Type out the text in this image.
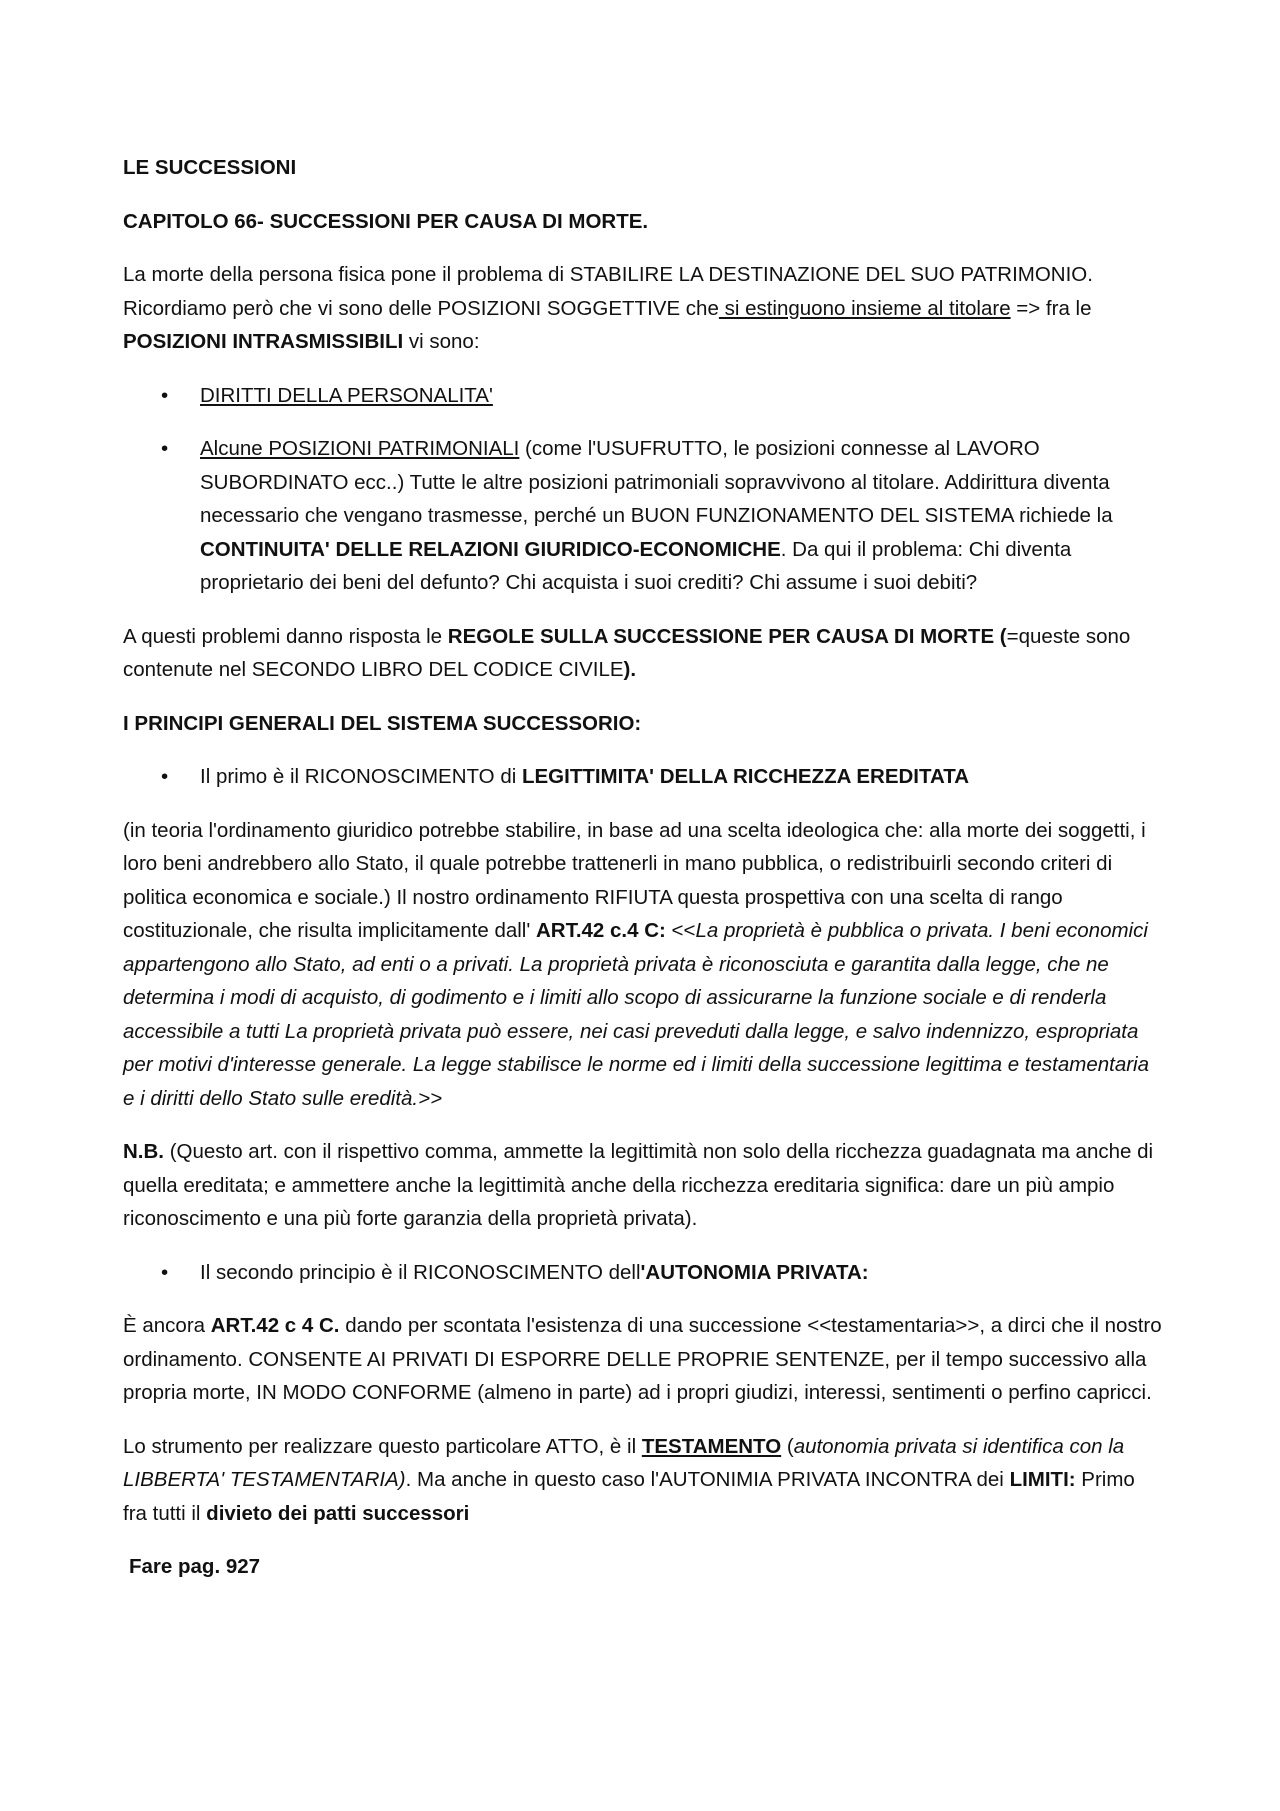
LE SUCCESSIONI

CAPITOLO 66- SUCCESSIONI PER CAUSA DI MORTE.

La morte della persona fisica pone il problema di STABILIRE LA DESTINAZIONE DEL SUO PATRIMONIO. Ricordiamo però che vi sono delle POSIZIONI SOGGETTIVE che si estinguono insieme al titolare => fra le POSIZIONI INTRASMISSIBILI vi sono:

• DIRITTI DELLA PERSONALITA'
• Alcune POSIZIONI PATRIMONIALI (come l'USUFRUTTO, le posizioni connesse al LAVORO SUBORDINATO ecc..) Tutte le altre posizioni patrimoniali sopravvivono al titolare. Addirittura diventa necessario che vengano trasmesse, perché un BUON FUNZIONAMENTO DEL SISTEMA richiede la CONTINUITA' DELLE RELAZIONI GIURIDICO-ECONOMICHE. Da qui il problema: Chi diventa proprietario dei beni del defunto? Chi acquista i suoi crediti? Chi assume i suoi debiti?

A questi problemi danno risposta le REGOLE SULLA SUCCESSIONE PER CAUSA DI MORTE (=queste sono contenute nel SECONDO LIBRO DEL CODICE CIVILE).

I PRINCIPI GENERALI DEL SISTEMA SUCCESSORIO:

• Il primo è il RICONOSCIMENTO di LEGITTIMITA' DELLA RICCHEZZA EREDITATA

(in teoria l'ordinamento giuridico potrebbe stabilire, in base ad una scelta ideologica che: alla morte dei soggetti, i loro beni andrebbero allo Stato, il quale potrebbe trattenerli in mano pubblica, o redistribuirli secondo criteri di politica economica e sociale.) Il nostro ordinamento RIFIUTA questa prospettiva con una scelta di rango costituzionale, che risulta implicitamente dall' ART.42 c.4 C: <<La proprietà è pubblica o privata. I beni economici appartengono allo Stato, ad enti o a privati. La proprietà privata è riconosciuta e garantita dalla legge, che ne determina i modi di acquisto, di godimento e i limiti allo scopo di assicurarne la funzione sociale e di renderla accessibile a tutti La proprietà privata può essere, nei casi preveduti dalla legge, e salvo indennizzo, espropriata per motivi d'interesse generale. La legge stabilisce le norme ed i limiti della successione legittima e testamentaria e i diritti dello Stato sulle eredità.>>

N.B. (Questo art. con il rispettivo comma, ammette la legittimità non solo della ricchezza guadagnata ma anche di quella ereditata; e ammettere anche la legittimità anche della ricchezza ereditaria significa: dare un più ampio riconoscimento e una più forte garanzia della proprietà privata).

• Il secondo principio è il RICONOSCIMENTO dell'AUTONOMIA PRIVATA:

È ancora ART.42 c 4 C. dando per scontata l'esistenza di una successione <<testamentaria>>, a dirci che il nostro ordinamento. CONSENTE AI PRIVATI DI ESPORRE DELLE PROPRIE SENTENZE, per il tempo successivo alla propria morte, IN MODO CONFORME (almeno in parte) ad i propri giudizi, interessi, sentimenti o perfino capricci.

Lo strumento per realizzare questo particolare ATTO, è il TESTAMENTO (autonomia privata si identifica con la LIBBERTA' TESTAMENTARIA). Ma anche in questo caso l'AUTONIMIA PRIVATA INCONTRA dei LIMITI: Primo fra tutti il divieto dei patti successori

Fare pag. 927
